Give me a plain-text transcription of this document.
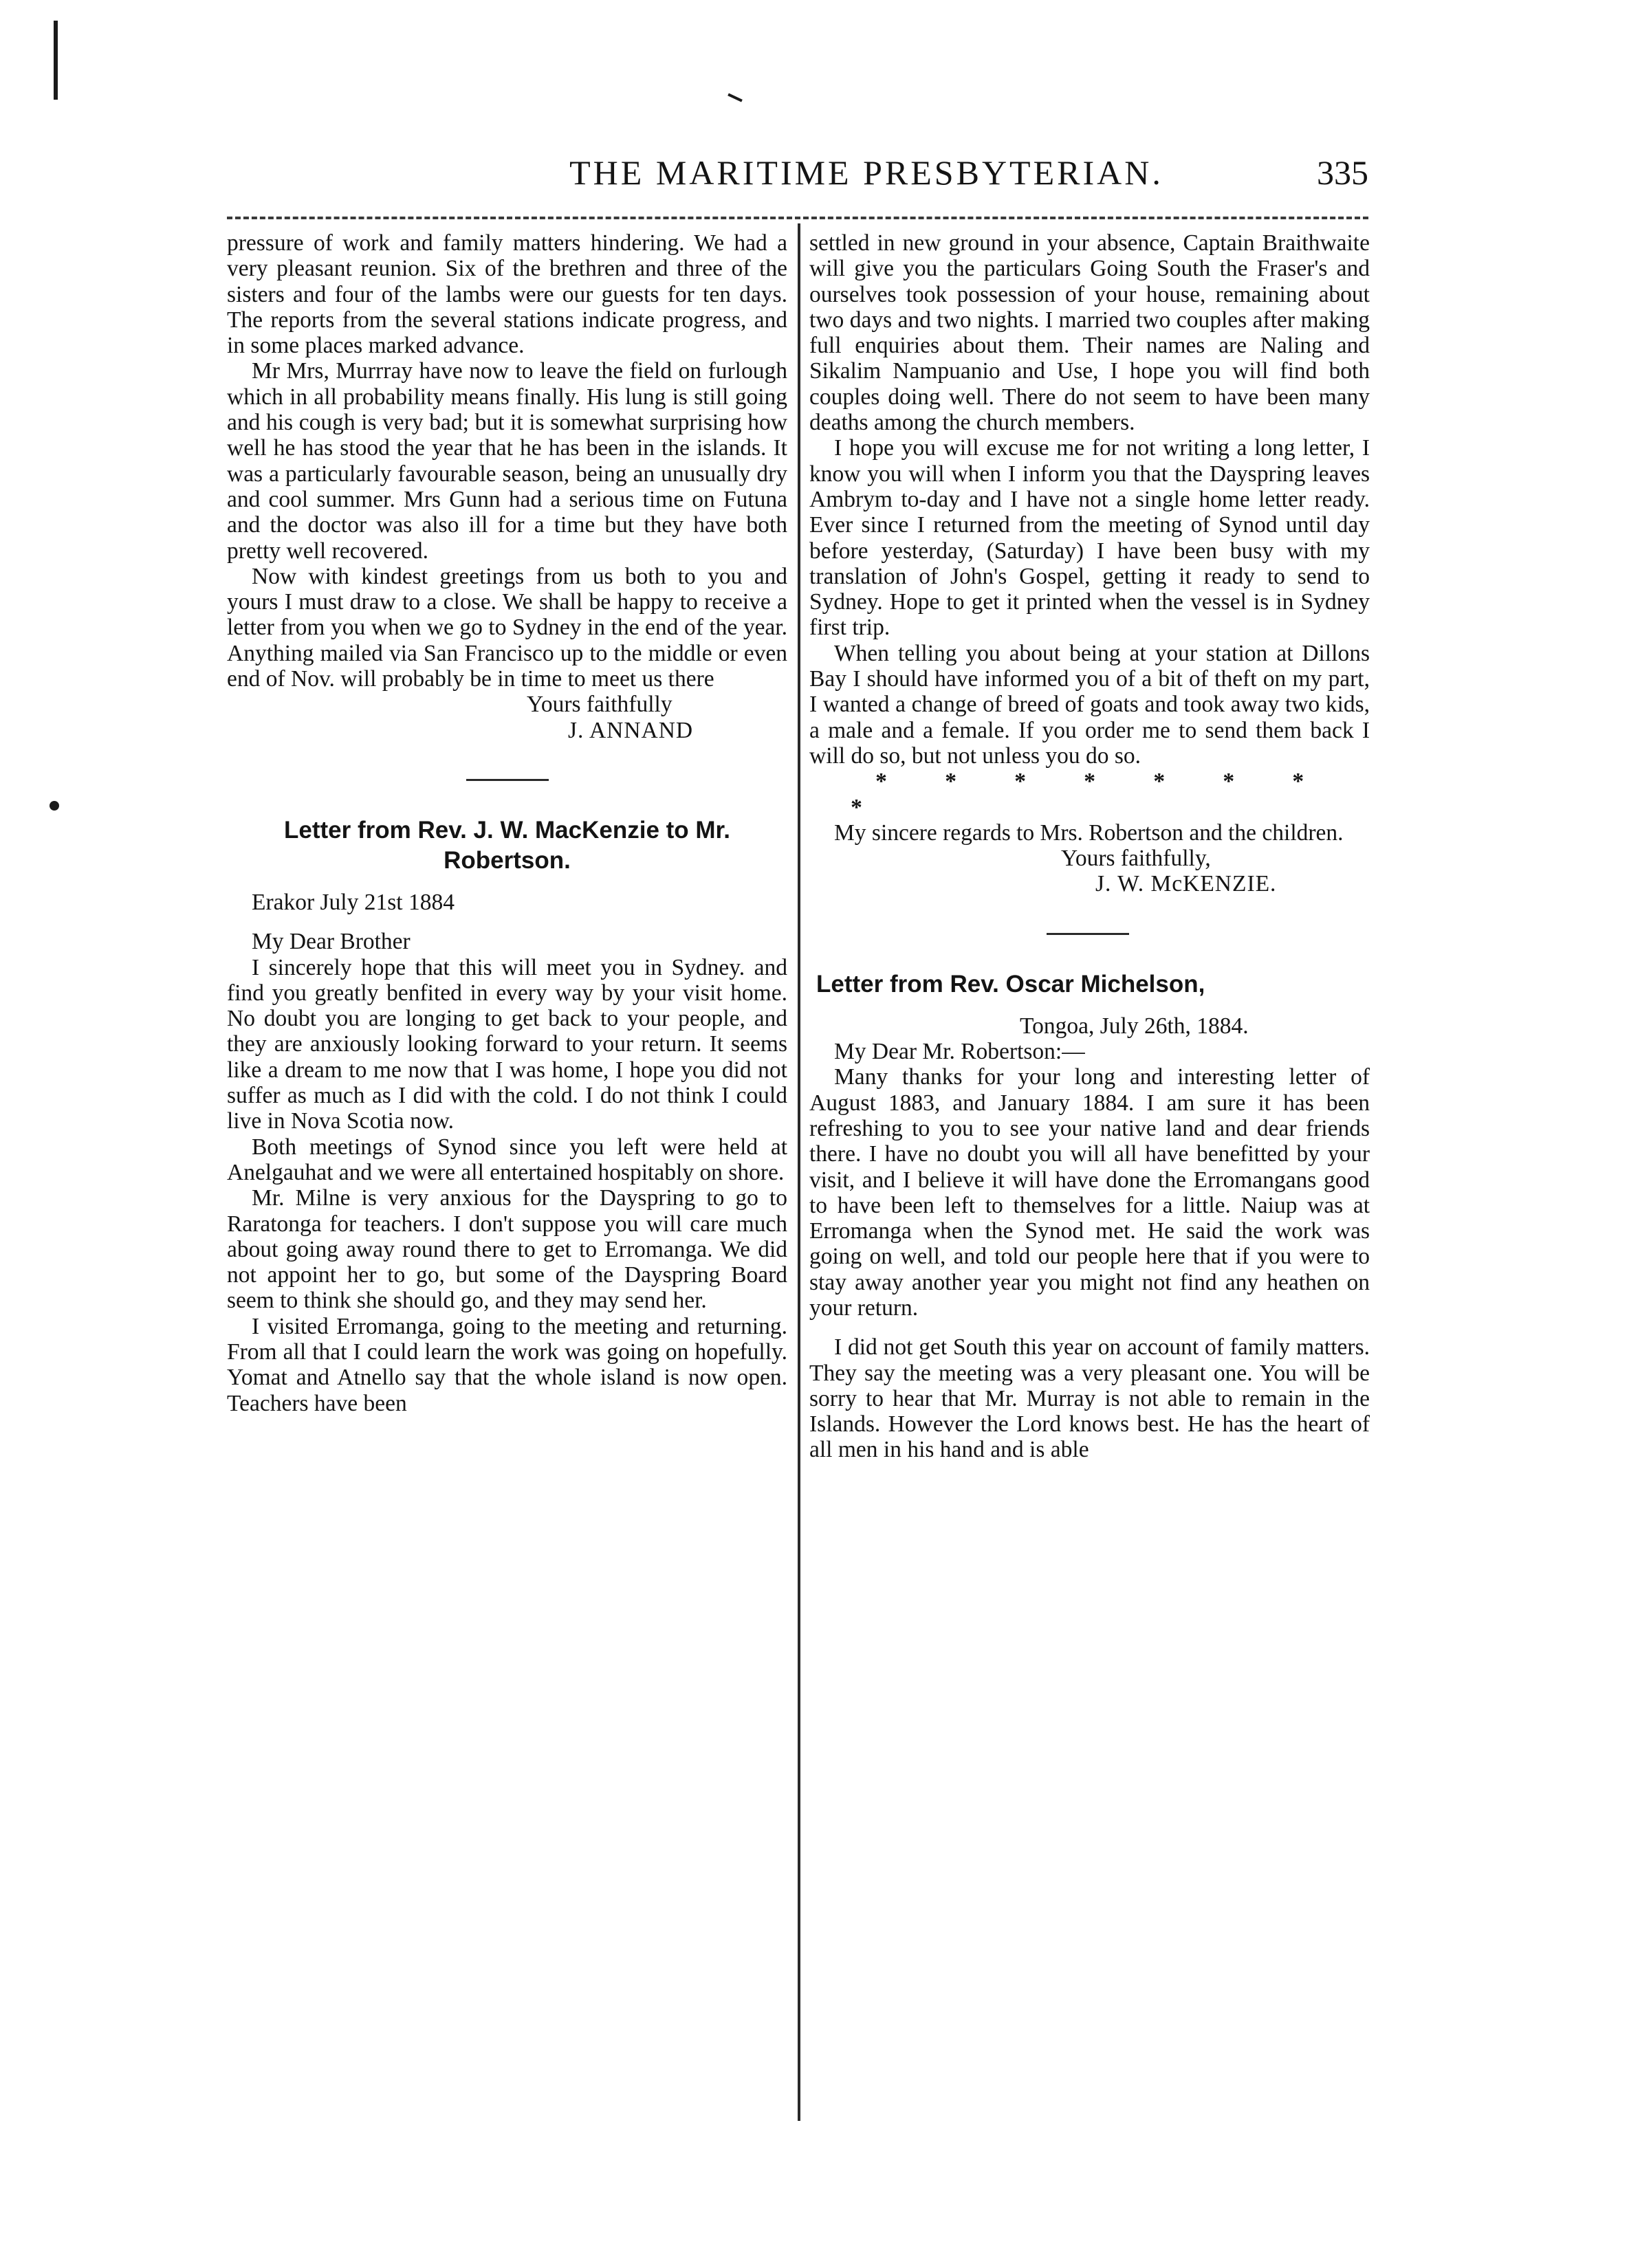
THE MARITIME PRESBYTERIAN.	335

pressure of work and family matters hindering. We had a very pleasant reunion. Six of the brethren and three of the sisters and four of the lambs were our guests for ten days. The reports from the several stations indicate progress, and in some places marked advance.

Mr Mrs, Murrray have now to leave the field on furlough which in all probability means finally. His lung is still going and his cough is very bad; but it is somewhat surprising how well he has stood the year that he has been in the islands. It was a particularly favourable season, being an unusually dry and cool summer. Mrs Gunn had a serious time on Futuna and the doctor was also ill for a time but they have both pretty well recovered.

Now with kindest greetings from us both to you and yours I must draw to a close. We shall be happy to receive a letter from you when we go to Sydney in the end of the year. Anything mailed via San Francisco up to the middle or even end of Nov. will probably be in time to meet us there

Yours faithfully

J. ANNAND

Letter from Rev. J. W. MacKenzie to Mr. Robertson.

Erakor July 21st 1884

My Dear Brother

I sincerely hope that this will meet you in Sydney. and find you greatly benfited in every way by your visit home. No doubt you are longing to get back to your people, and they are anxiously looking forward to your return. It seems like a dream to me now that I was home, I hope you did not suffer as much as I did with the cold. I do not think I could live in Nova Scotia now.

Both meetings of Synod since you left were held at Anelgauhat and we were all entertained hospitably on shore.

Mr. Milne is very anxious for the Dayspring to go to Raratonga for teachers. I don't suppose you will care much about going away round there to get to Erromanga. We did not appoint her to go, but some of the Dayspring Board seem to think she should go, and they may send her.

I visited Erromanga, going to the meeting and returning. From all that I could learn the work was going on hopefully. Yomat and Atnello say that the whole island is now open. Teachers have been

settled in new ground in your absence, Captain Braithwaite will give you the particulars Going South the Fraser's and ourselves took possession of your house, remaining about two days and two nights. I married two couples after making full enquiries about them. Their names are Naling and Sikalim Nampuanio and Use, I hope you will find both couples doing well. There do not seem to have been many deaths among the church members.

I hope you will excuse me for not writing a long letter, I know you will when I inform you that the Dayspring leaves Ambrym to-day and I have not a single home letter ready. Ever since I returned from the meeting of Synod until day before yesterday, (Saturday) I have been busy with my translation of John's Gospel, getting it ready to send to Sydney. Hope to get it printed when the vessel is in Sydney first trip.

When telling you about being at your station at Dillons Bay I should have informed you of a bit of theft on my part, I wanted a change of breed of goats and took away two kids, a male and a female. If you order me to send them back I will do so, but not unless you do so.

*	*	*	*	*	*	**

My sincere regards to Mrs. Robertson and the children.

Yours faithfully,

J. W. McKENZIE.

Letter from Rev. Oscar Michelson,

Tongoa, July 26th, 1884.

My Dear Mr. Robertson:—

Many thanks for your long and interesting letter of August 1883, and January 1884. I am sure it has been refreshing to you to see your native land and dear friends there. I have no doubt you will all have benefitted by your visit, and I believe it will have done the Erromangans good to have been left to themselves for a little. Naiup was at Erromanga when the Synod met. He said the work was going on well, and told our people here that if you were to stay away another year you might not find any heathen on your return.

I did not get South this year on account of family matters. They say the meeting was a very pleasant one. You will be sorry to hear that Mr. Murray is not able to remain in the Islands. However the Lord knows best. He has the heart of all men in his hand and is able
